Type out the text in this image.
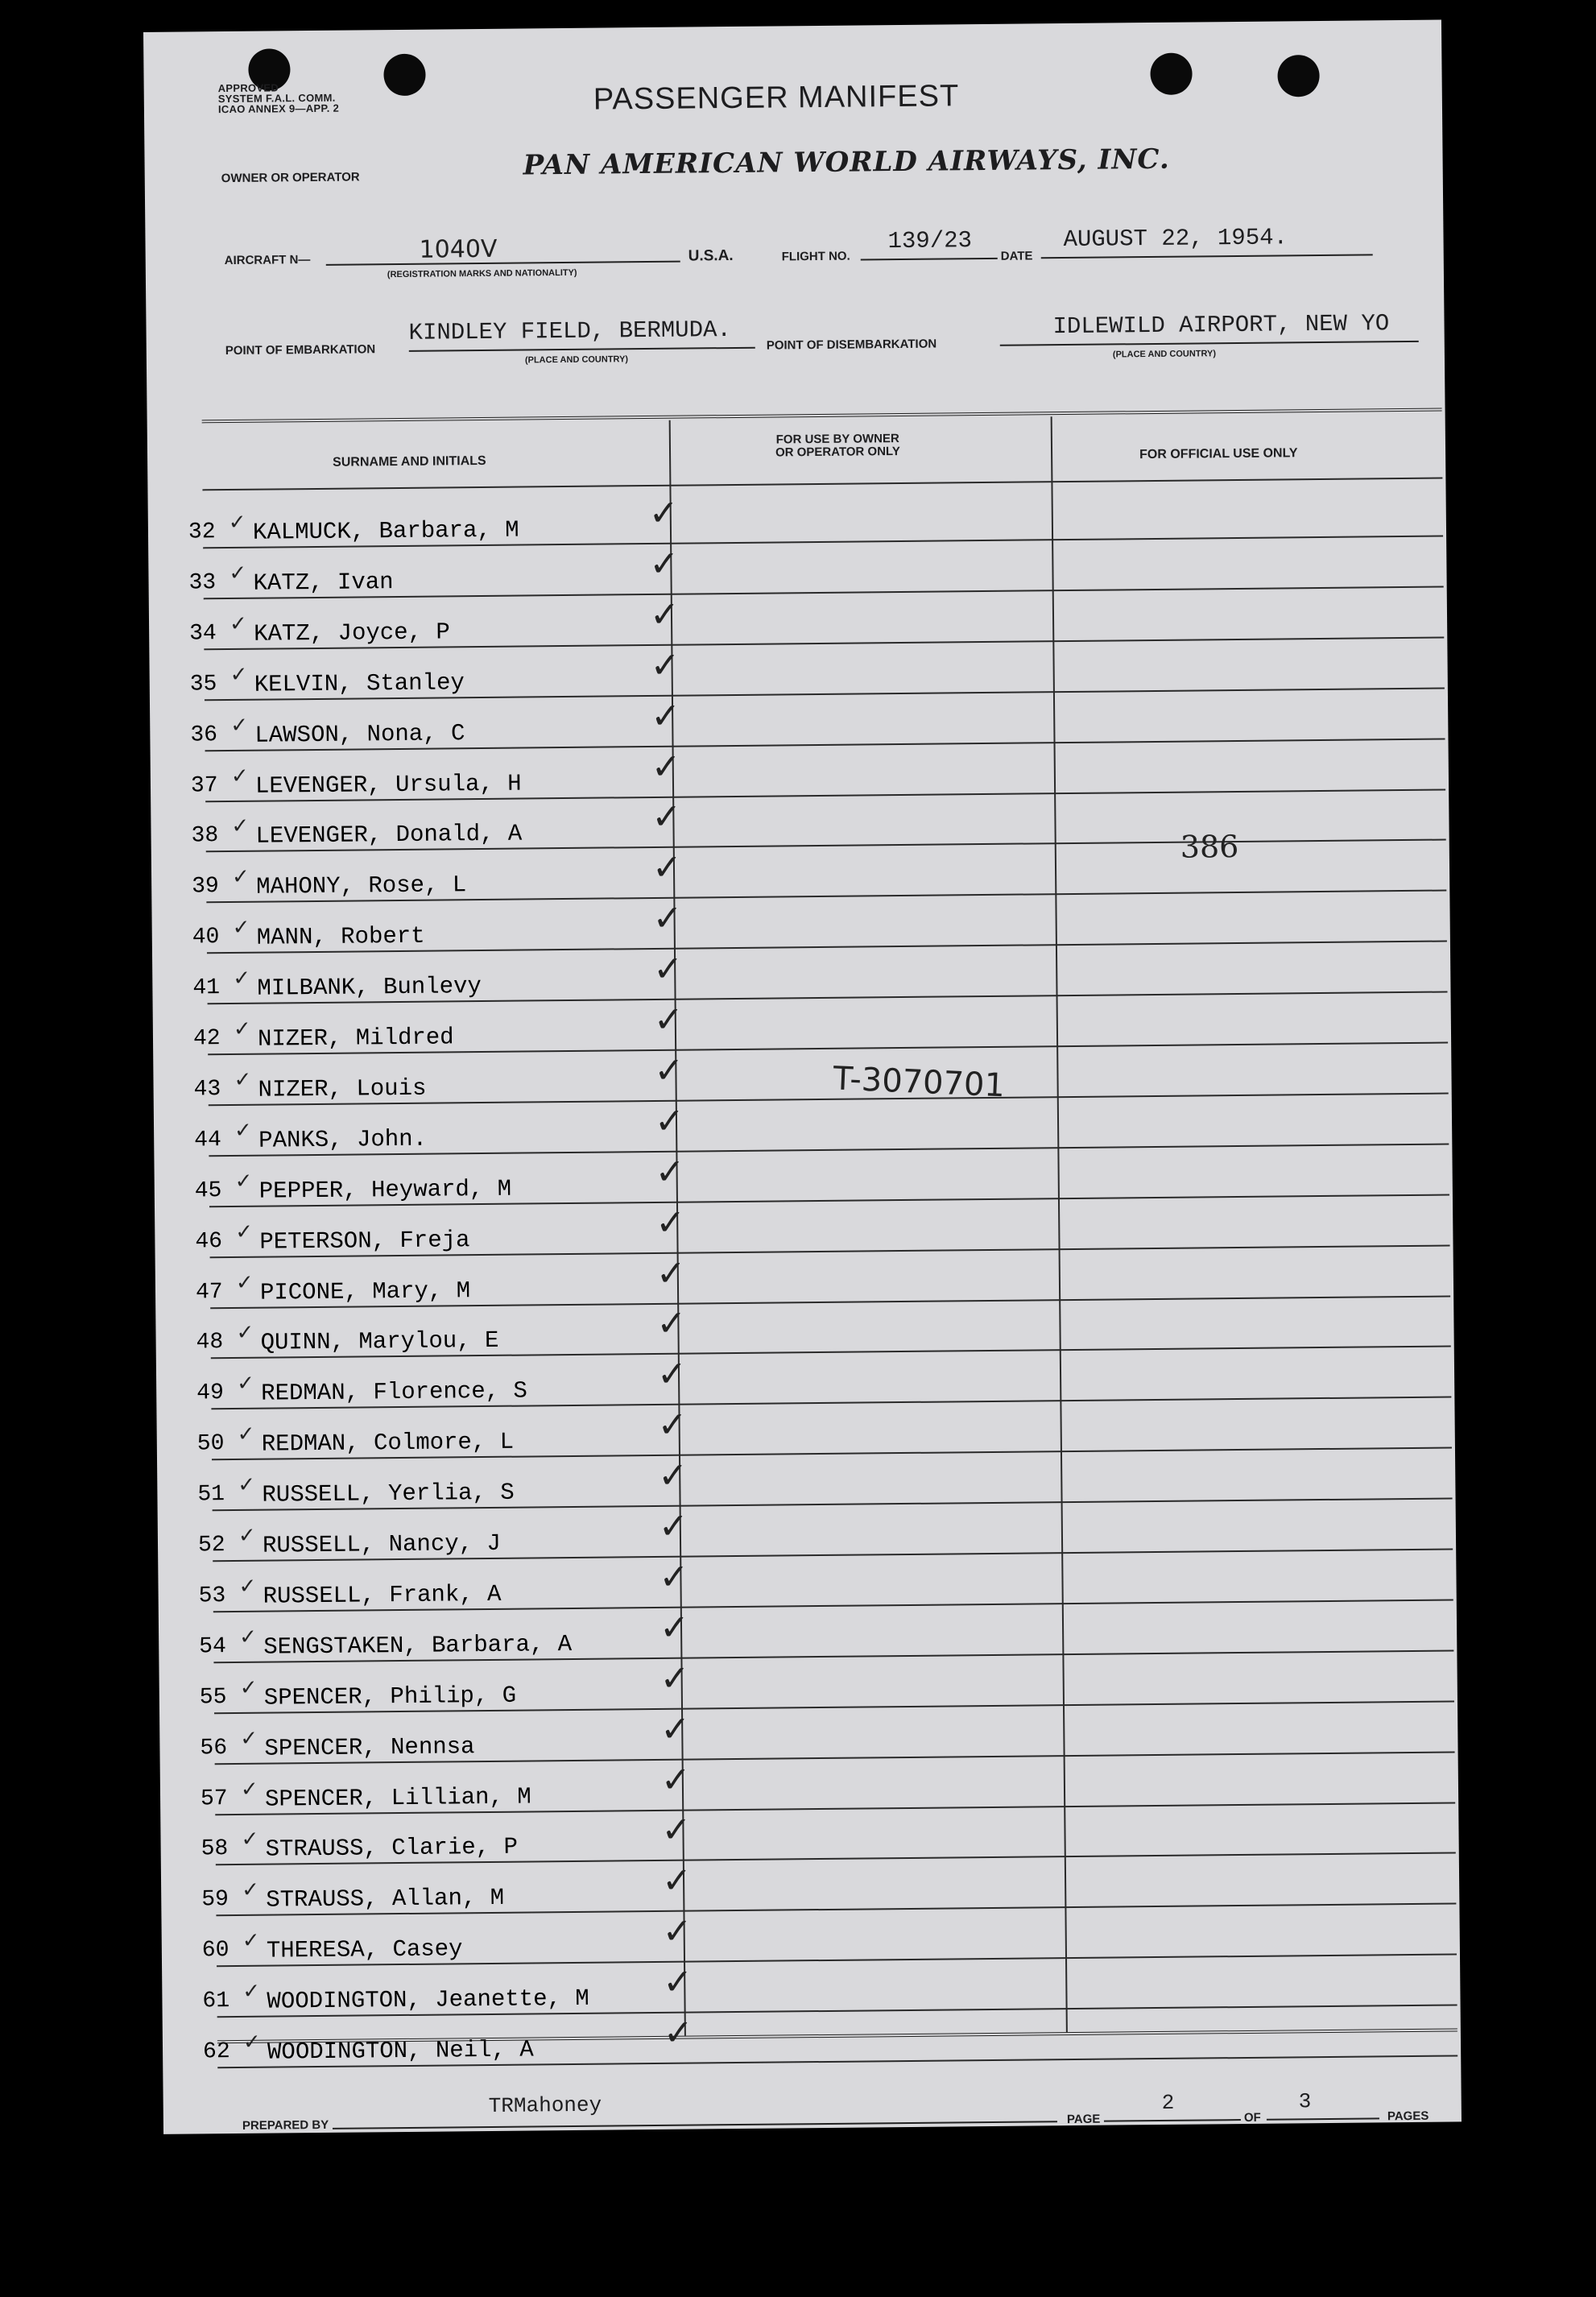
APPROVED
SYSTEM F.A.L. COMM.
ICAO ANNEX 9—APP. 2	PASSENGER MANIFEST
OWNER OR OPERATOR	PAN AMERICAN WORLD AIRWAYS, INC.
AIRCRAFT N—	1040V
(REGISTRATION MARKS AND NATIONALITY)
U.S.A.	FLIGHT NO.
139/23
DATE
AUGUST 22, 1954.
POINT OF EMBARKATION
KINDLEY FIELD, BERMUDA.
(PLACE AND COUNTRY)
POINT OF DISEMBARKATION
IDLEWILD AIRPORT, NEW YO
(PLACE AND COUNTRY)
SURNAME AND INITIALS
FOR USE BY OWNER
OR OPERATOR ONLY	FOR OFFICIAL USE ONLY
32 ✓ KALMUCK, Barbara, M	✓
33 ✓ KATZ, Ivan	✓
34 ✓ KATZ, Joyce, P	✓
35 ✓ KELVIN, Stanley	✓
36 ✓ LAWSON, Nona, C	✓
37 ✓ LEVENGER, Ursula, H	✓
38 ✓ LEVENGER, Donald, A	✓
39 ✓ MAHONY, Rose, L	✓
40 ✓ MANN, Robert	✓
41 ✓ MILBANK, Bunlevy	✓
42 ✓ NIZER, Mildred	✓
43 ✓ NIZER, Louis	✓
44 ✓ PANKS, John.	✓
45 ✓ PEPPER, Heyward, M	✓
46 ✓ PETERSON, Freja	✓
47 ✓ PICONE, Mary, M	✓
48 ✓ QUINN, Marylou, E	✓
49 ✓ REDMAN, Florence, S	✓
50 ✓ REDMAN, Colmore, L	✓
51 ✓ RUSSELL, Yerlia, S	✓
52 ✓ RUSSELL, Nancy, J	✓
53 ✓ RUSSELL, Frank, A	✓
54 ✓ SENGSTAKEN, Barbara, A ✓
55 ✓ SPENCER, Philip, G	✓
56 ✓ SPENCER, Nennsa	✓
57 ✓ SPENCER, Lillian, M	✓
58 ✓ STRAUSS, Clarie, P	✓
59 ✓ STRAUSS, Allan, M	✓
60 ✓ THERESA, Casey	✓
61 ✓ WOODINGTON, Jeanette, M ✓
62 ✓ WOODINGTON, Neil, A	✓
386
T-3070701
PREPARED BY
TRMahoney
PAGE
2
OF
3
PAGES
